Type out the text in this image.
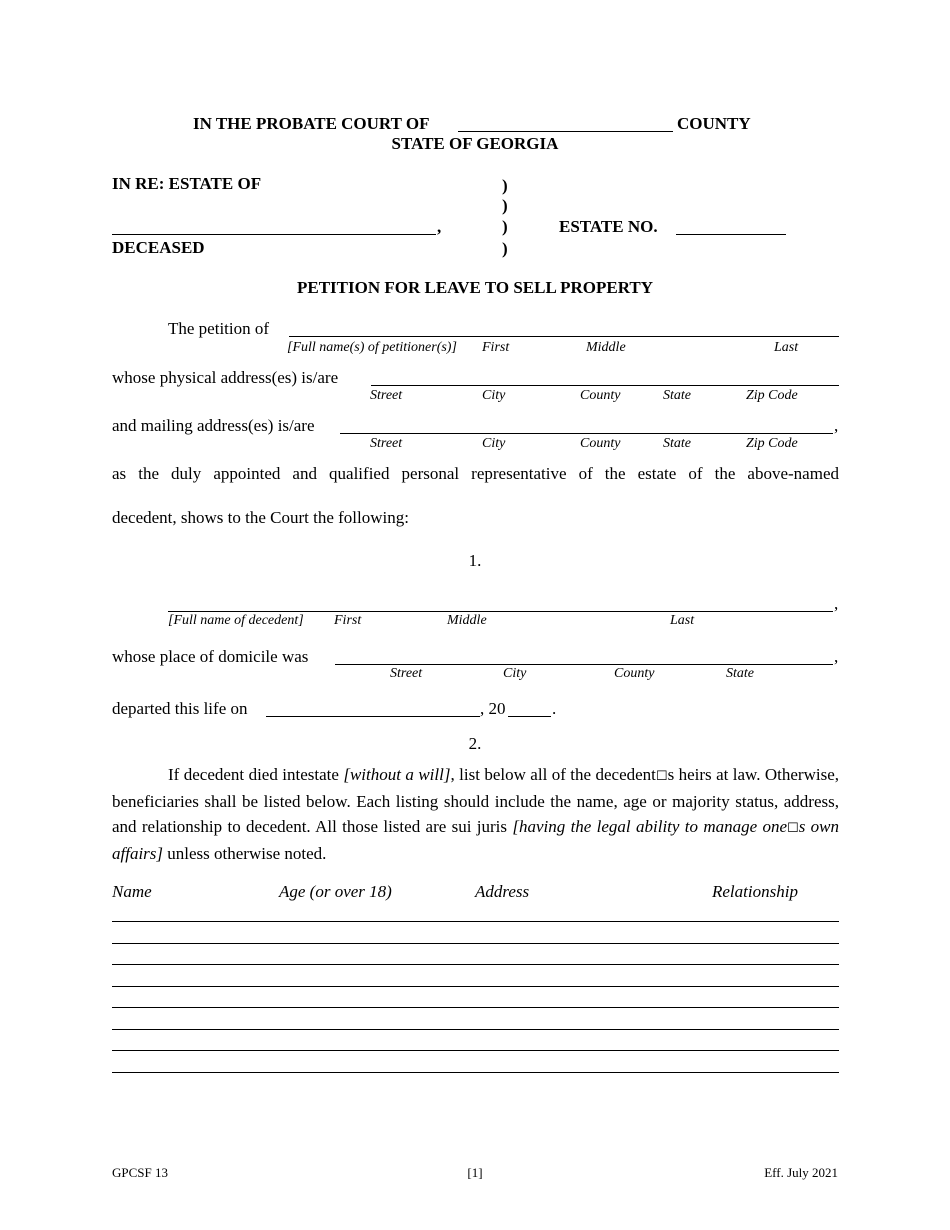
IN THE PROBATE COURT OF	COUNTY
STATE OF GEORGIA
IN RE: ESTATE OF	)
)
)
)
,
DECEASED
ESTATE NO.
PETITION FOR LEAVE TO SELL PROPERTY
The petition of
[Full name(s) of petitioner(s)] First	Middle	Last
whose physical address(es) is/are
Street	City	County	State	Zip Code
and mailing address(es) is/are	,
Street	City	County	State	Zip Code
as the duly appointed and qualified personal representative of the estate of the above-named
decedent, shows to the Court the following:
1.
,
[Full name of decedent] First	Middle	Last
whose place of domicile was	,
Street	City	County	State
departed this life on	, 20	.
2.
If decedent died intestate [without a will], list below all of the decedent☐s heirs at law. Otherwise, beneficiaries shall be listed below. Each listing should include the name, age or majority status, address, and relationship to decedent. All those listed are sui juris [having the legal ability to manage one☐s own affairs] unless otherwise noted.
Name	Age (or over 18)	Address	Relationship
GPCSF 13	[1]	Eff. July 2021
